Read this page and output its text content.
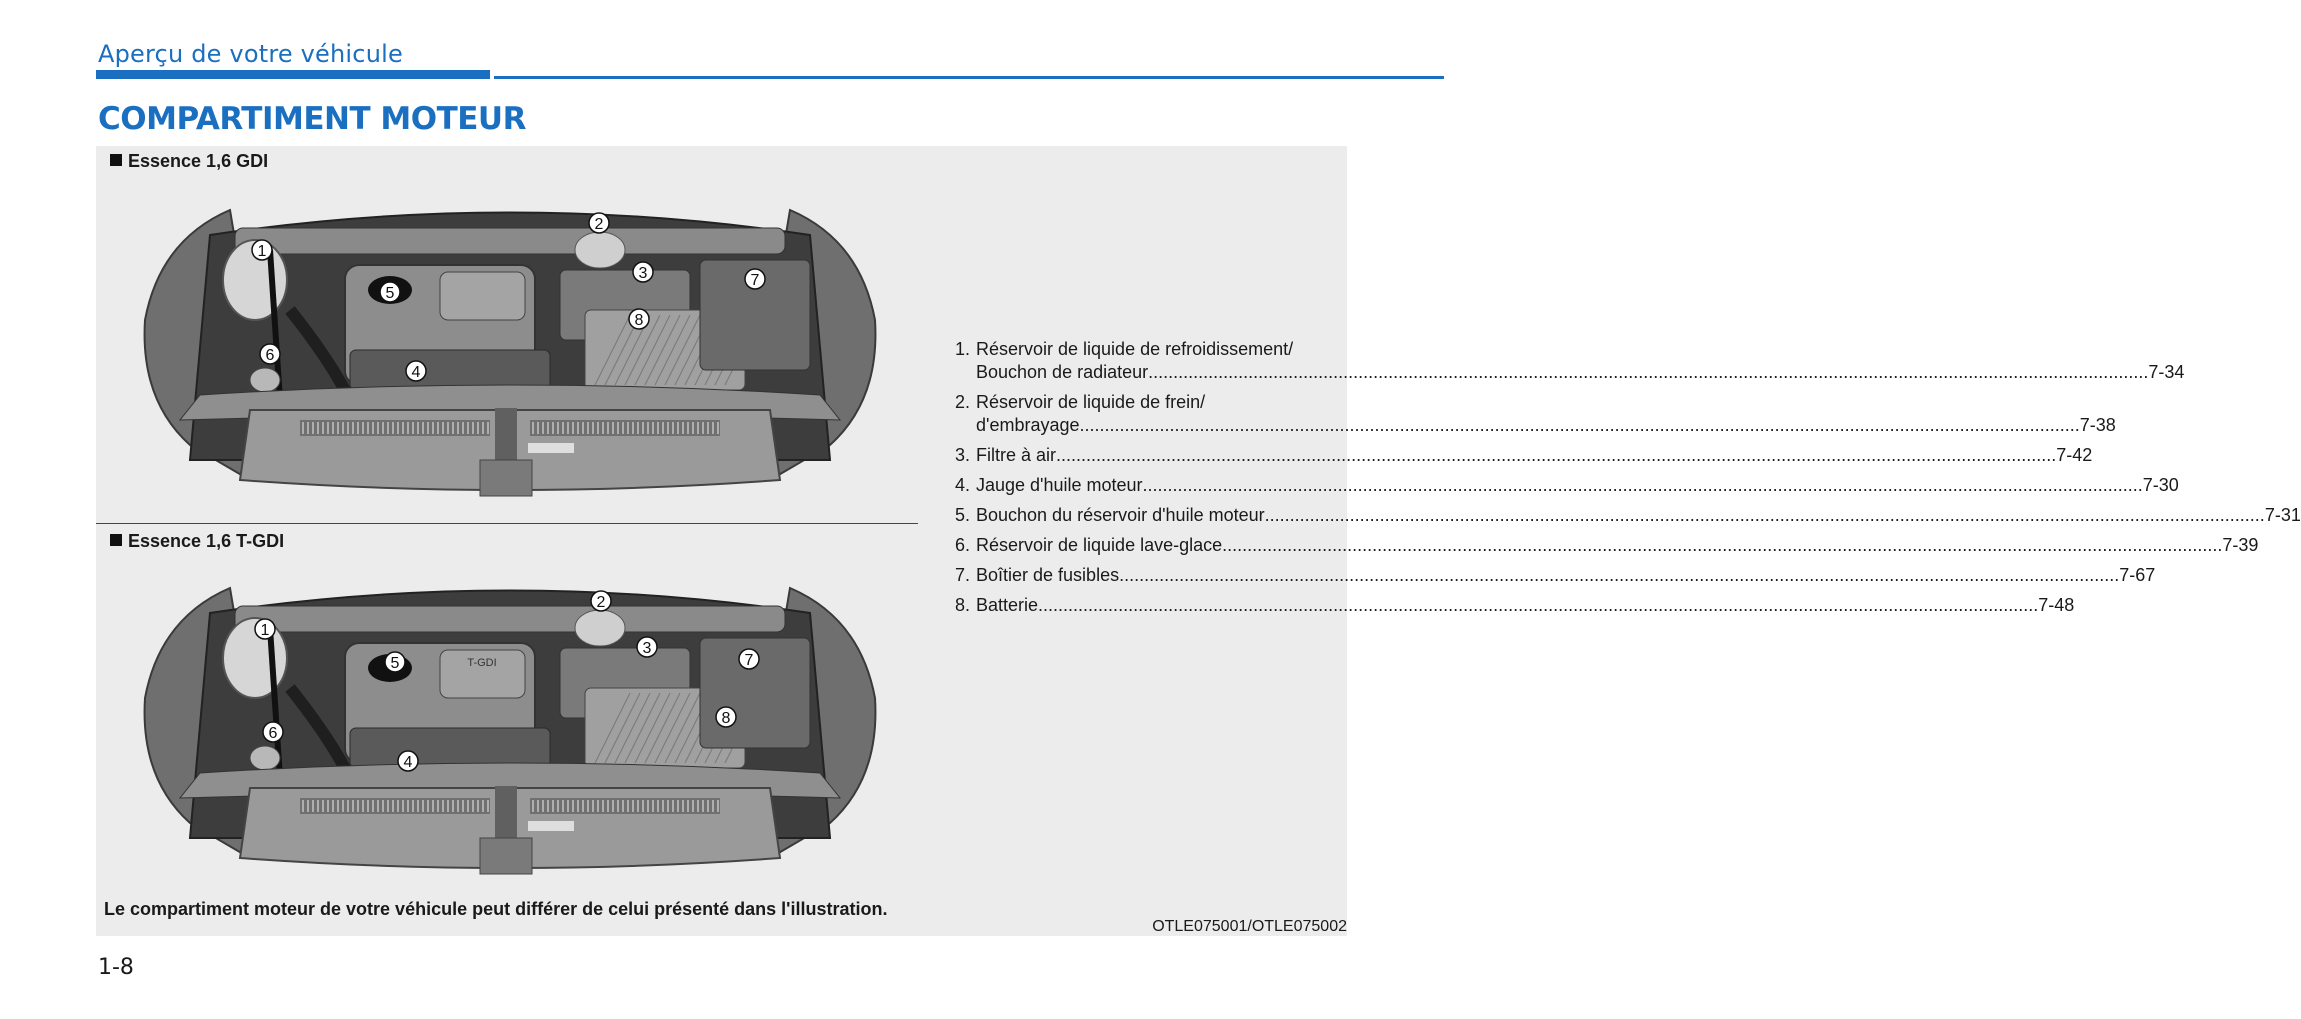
Aperçu de votre véhicule
COMPARTIMENT MOTEUR
Essence 1,6 GDI
Essence 1,6 T-GDI
1
2
3
4
5
6
7
8
T-GDI
1
2
3
4
5
6
7
8
1. Réservoir de liquide de refroidissement/
Bouchon de radiateur ........................................................................................................................................................................................................ 7-34
2. Réservoir de liquide de frein/
d'embrayage ........................................................................................................................................................................................................ 7-38
3. Filtre à air ........................................................................................................................................................................................................ 7-42
4. Jauge d'huile moteur ........................................................................................................................................................................................................ 7-30
5. Bouchon du réservoir d'huile moteur ........................................................................................................................................................................................................ 7-31
6. Réservoir de liquide lave-glace ........................................................................................................................................................................................................ 7-39
7. Boîtier de fusibles ........................................................................................................................................................................................................ 7-67
8. Batterie ........................................................................................................................................................................................................ 7-48
Le compartiment moteur de votre véhicule peut différer de celui présenté dans l'illustration.
OTLE075001/OTLE075002
1-8
